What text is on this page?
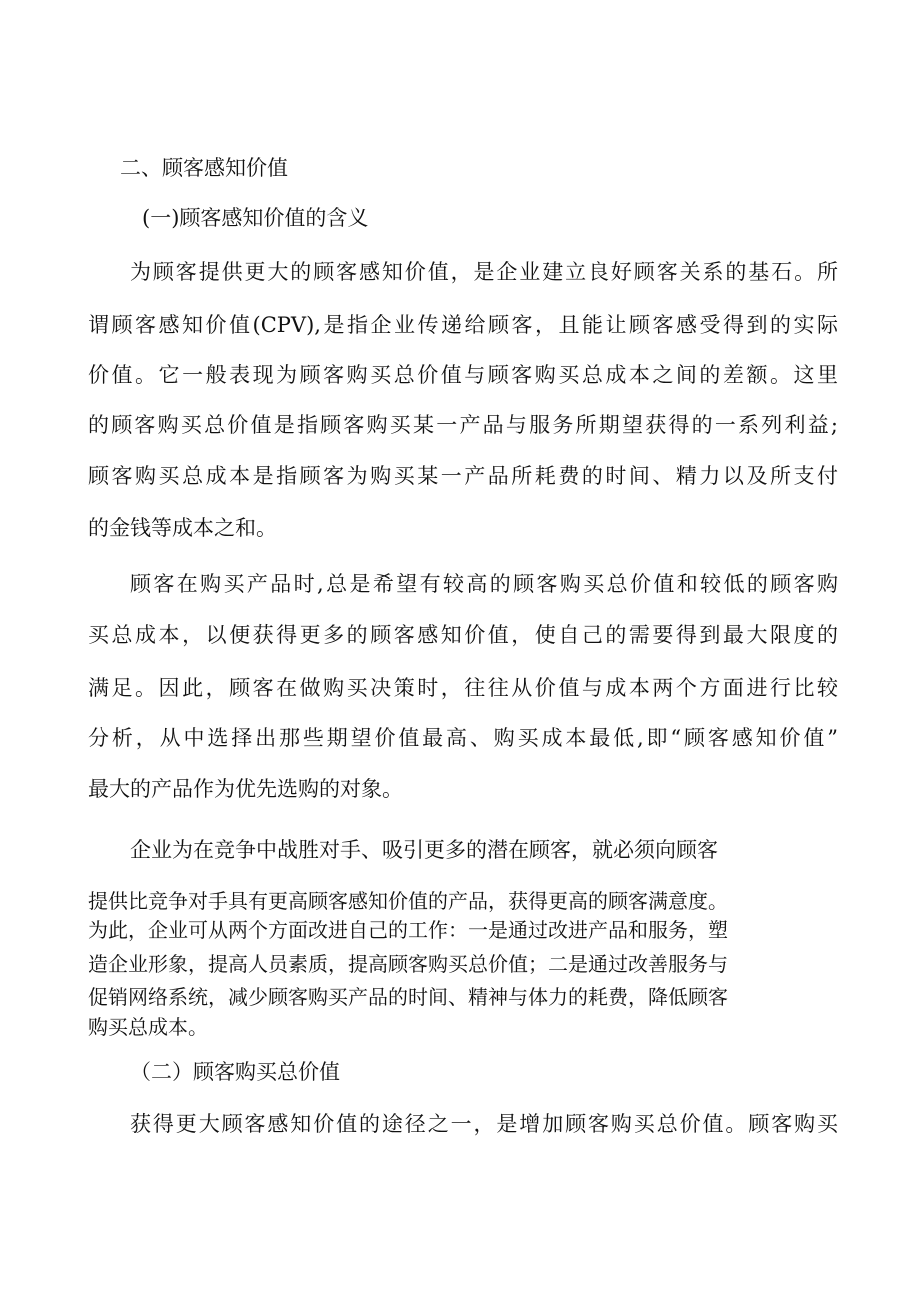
二、顾客感知价值
(一)顾客感知价值的含义

为顾客提供更大的顾客感知价值，是企业建立良好顾客关系的基石。所

谓顾客感知价值(CPV),是指企业传递给顾客，且能让顾客感受得到的实际

价值。它一般表现为顾客购买总价值与顾客购买总成本之间的差额。这里

的顾客购买总价值是指顾客购买某一产品与服务所期望获得的一系列利益;

顾客购买总成本是指顾客为购买某一产品所耗费的时间、精力以及所支付

的金钱等成本之和。

顾客在购买产品时,总是希望有较高的顾客购买总价值和较低的顾客购

买总成本，以便获得更多的顾客感知价值，使自己的需要得到最大限度的

满足。因此，顾客在做购买决策时，往往从价值与成本两个方面进行比较

分析，从中选择出那些期望价值最高、购买成本最低,即“顾客感知价值”

最大的产品作为优先选购的对象。

企业为在竞争中战胜对手、吸引更多的潜在顾客，就必须向顾客

提供比竞争对手具有更高顾客感知价值的产品，获得更高的顾客满意度。

为此，企业可从两个方面改进自己的工作：一是通过改进产品和服务，塑

造企业形象，提高人员素质，提高顾客购买总价值；二是通过改善服务与

促销网络系统，减少顾客购买产品的时间、精神与体力的耗费，降低顾客

购买总成本。

（二）顾客购买总价值

获得更大顾客感知价值的途径之一，是增加顾客购买总价值。顾客购买
